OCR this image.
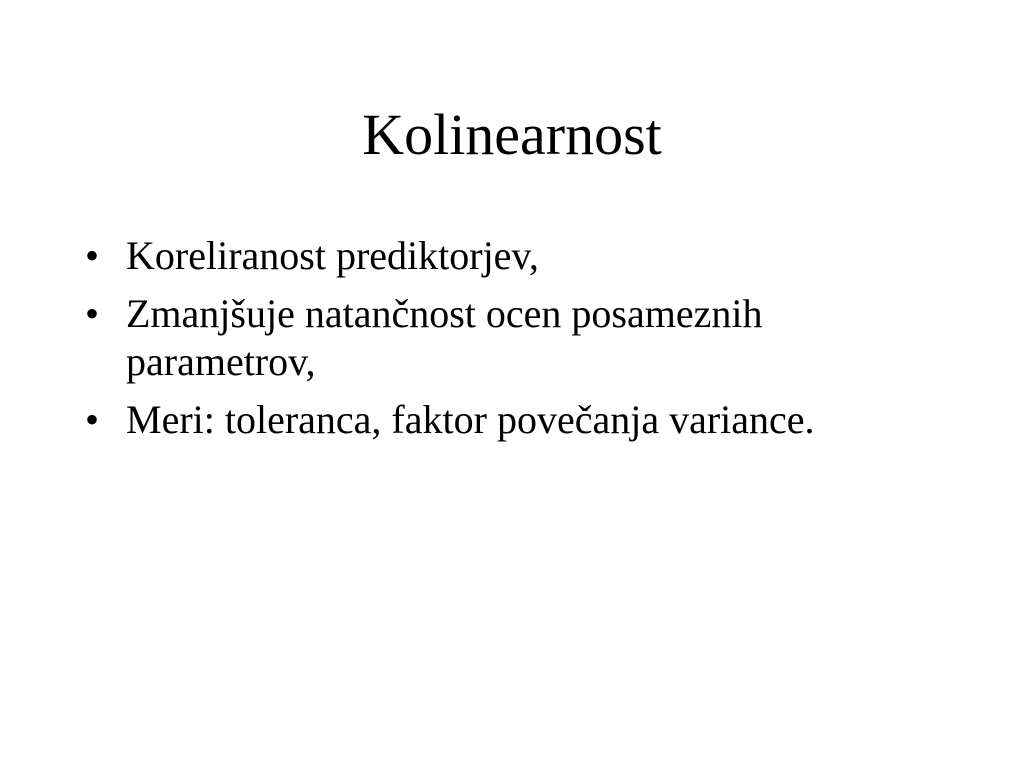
Kolinearnost
• Koreliranost prediktorjev,
• Zmanjšuje natančnost ocen posameznih parametrov,
• Meri: toleranca, faktor povečanja variance.
